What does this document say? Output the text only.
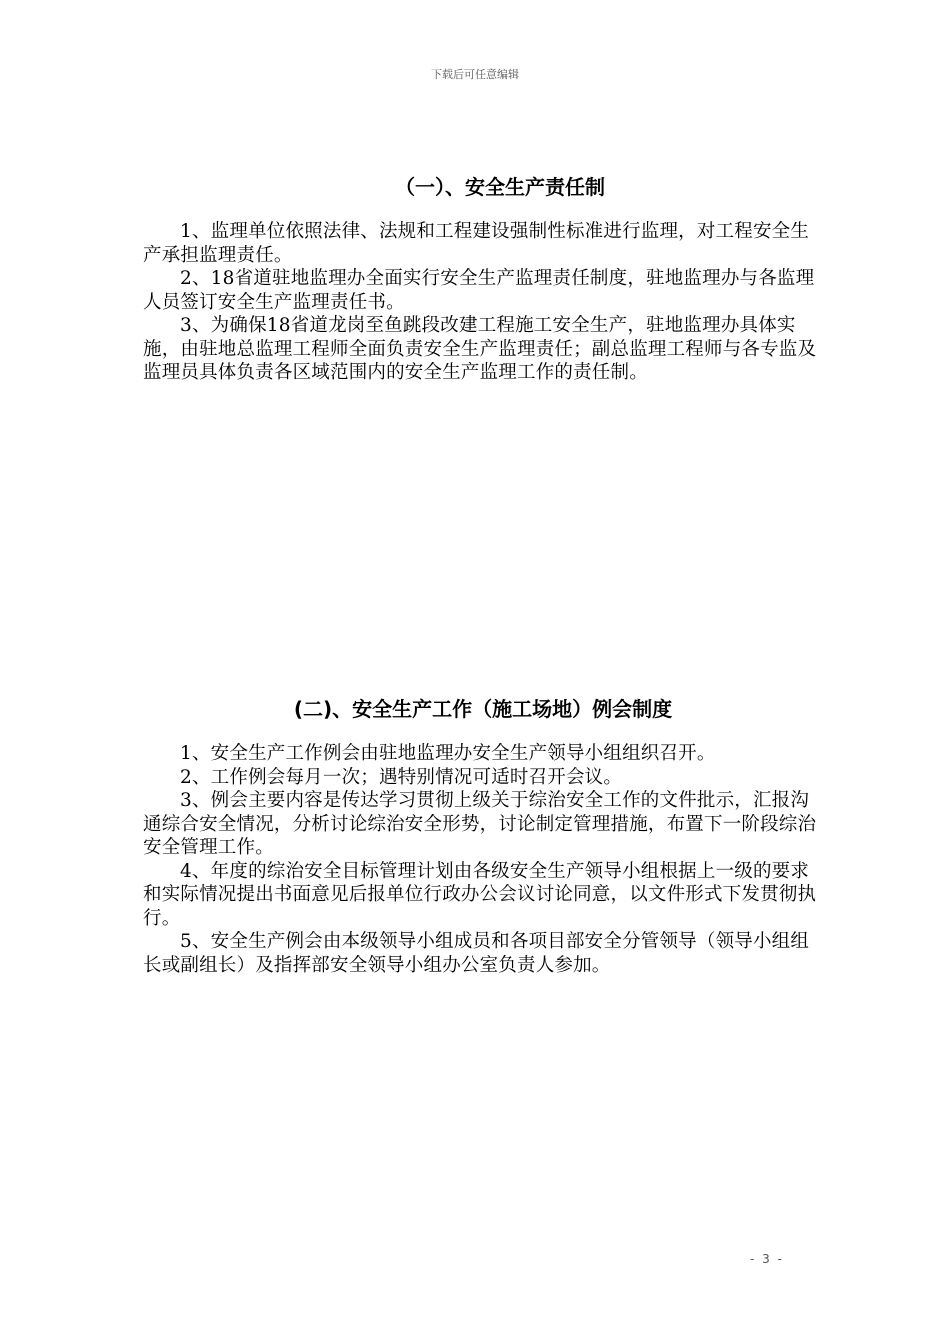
下载后可任意编辑
（一）、安全生产责任制

1、监理单位依照法律、法规和工程建设强制性标准进行监理，对工程安全生产承担监理责任。

2、18省道驻地监理办全面实行安全生产监理责任制度，驻地监理办与各监理人员签订安全生产监理责任书。

3、为确保18省道龙岗至鱼跳段改建工程施工安全生产，驻地监理办具体实施，由驻地总监理工程师全面负责安全生产监理责任；副总监理工程师与各专监及监理员具体负责各区域范围内的安全生产监理工作的责任制。

(二)、安全生产工作（施工场地）例会制度

1、安全生产工作例会由驻地监理办安全生产领导小组组织召开。

2、工作例会每月一次；遇特别情况可适时召开会议。

3、例会主要内容是传达学习贯彻上级关于综治安全工作的文件批示，汇报沟通综合安全情况，分析讨论综治安全形势，讨论制定管理措施，布置下一阶段综治安全管理工作。

4、年度的综治安全目标管理计划由各级安全生产领导小组根据上一级的要求和实际情况提出书面意见后报单位行政办公会议讨论同意，以文件形式下发贯彻执行。

5、安全生产例会由本级领导小组成员和各项目部安全分管领导（领导小组组长或副组长）及指挥部安全领导小组办公室负责人参加。

- 3 -
